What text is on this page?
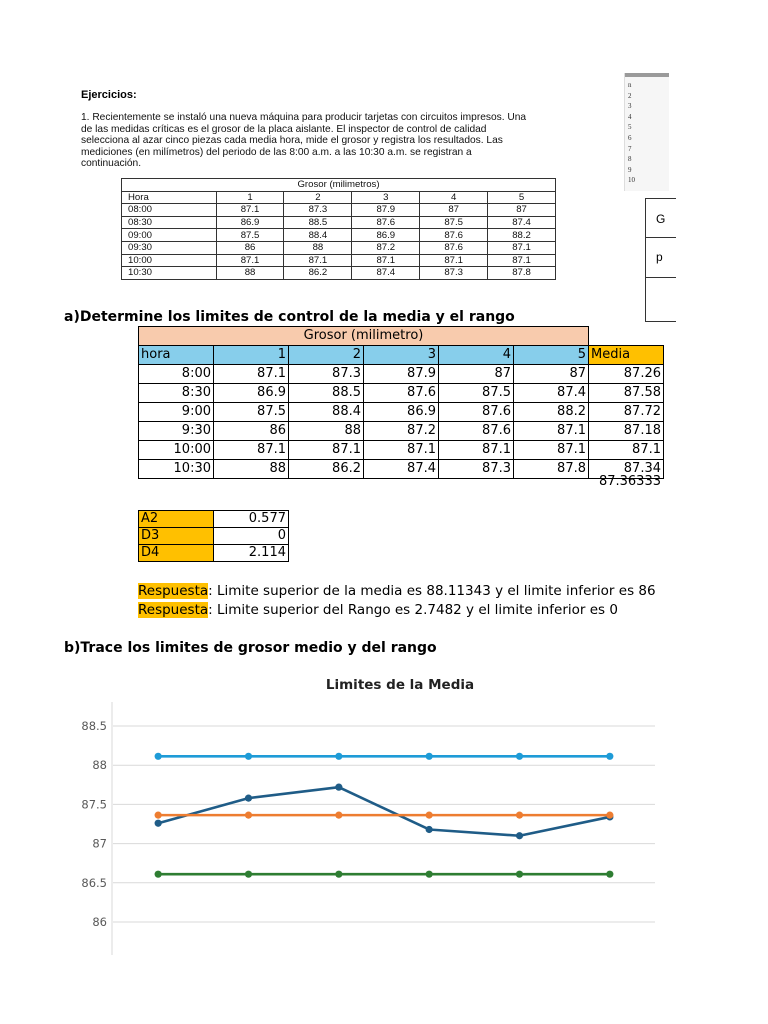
Ejercicios:
1. Recientemente se instaló una nueva máquina para producir tarjetas con circuitos impresos. Una
de las medidas críticas es el grosor de la placa aislante. El inspector de control de calidad
selecciona al azar cinco piezas cada media hora, mide el grosor y registra los resultados. Las
mediciones (en milímetros) del periodo de las 8:00 a.m. a las 10:30 a.m. se registran a
continuación.
Grosor (milimetros)					
Hora	1	2	3	4	5
08:00	87.1	87.3	87.9	87	87
08:30	86.9	88.5	87.6	87.5	87.4
09:00	87.5	88.4	86.9	87.6	88.2
09:30	86	88	87.2	87.6	87.1
10:00	87.1	87.1	87.1	87.1	87.1
10:30	88	86.2	87.4	87.3	87.8
n
2
3
4
5
6
7
8
9
10
G
p
a)Determine los limites de control de la media y el rango
Grosor (milimetro)						
hora	1	2	3	4	5	Media
8:00	87.1	87.3	87.9	87	87	87.26
8:30	86.9	88.5	87.6	87.5	87.4	87.58
9:00	87.5	88.4	86.9	87.6	88.2	87.72
9:30	86	88	87.2	87.6	87.1	87.18
10:00	87.1	87.1	87.1	87.1	87.1	87.1
10:30	88	86.2	87.4	87.3	87.8	87.34
87.36333
A2	0.577
D3	0
D4	2.114
Respuesta: Limite superior de la media es 88.11343 y el limite inferior es 86
Respuesta: Limite superior del Rango es 2.7482 y el limite inferior es 0
b)Trace los limites de grosor medio y del rango
Limites de la Media
88.5
88
87.5
87
86.5
86
